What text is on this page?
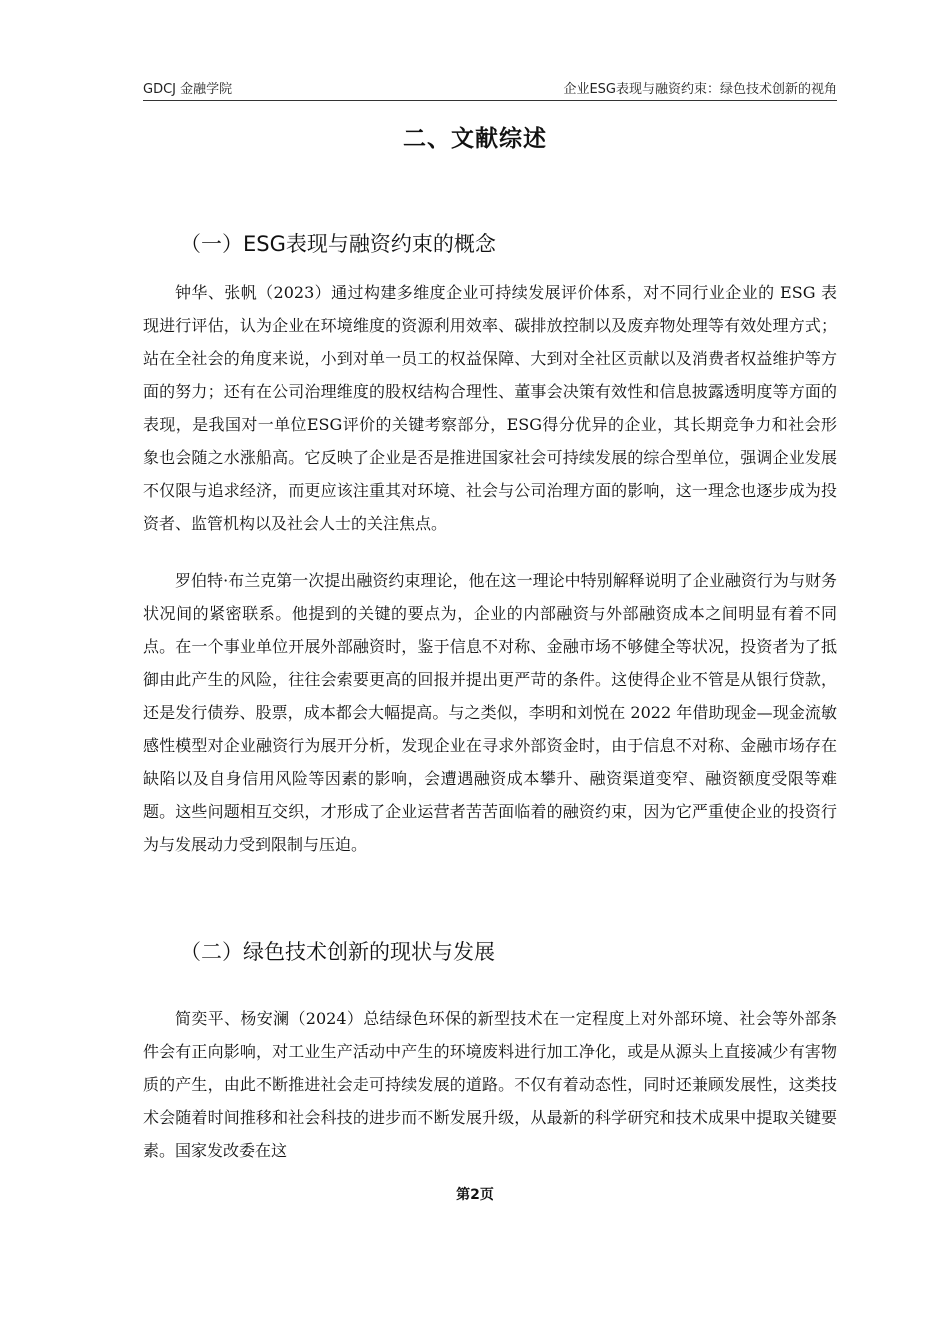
GDCJ 金融学院	企业ESG表现与融资约束：绿色技术创新的视角
二、文献综述
（一）ESG表现与融资约束的概念

钟华、张帆（2023）通过构建多维度企业可持续发展评价体系，对不同行业企业的 ESG 表现进行评估，认为企业在环境维度的资源利用效率、碳排放控制以及废弃物处理等有效处理方式；站在全社会的角度来说，小到对单一员工的权益保障、大到对全社区贡献以及消费者权益维护等方面的努力；还有在公司治理维度的股权结构合理性、董事会决策有效性和信息披露透明度等方面的表现，是我国对一单位ESG评价的关键考察部分，ESG得分优异的企业，其长期竞争力和社会形象也会随之水涨船高。它反映了企业是否是推进国家社会可持续发展的综合型单位，强调企业发展不仅限与追求经济，而更应该注重其对环境、社会与公司治理方面的影响，这一理念也逐步成为投资者、监管机构以及社会人士的关注焦点。

罗伯特·布兰克第一次提出融资约束理论，他在这一理论中特别解释说明了企业融资行为与财务状况间的紧密联系。他提到的关键的要点为，企业的内部融资与外部融资成本之间明显有着不同点。在一个事业单位开展外部融资时，鉴于信息不对称、金融市场不够健全等状况，投资者为了抵御由此产生的风险，往往会索要更高的回报并提出更严苛的条件。这使得企业不管是从银行贷款，还是发行债券、股票，成本都会大幅提高。与之类似，李明和刘悦在 2022 年借助现金—现金流敏感性模型对企业融资行为展开分析，发现企业在寻求外部资金时，由于信息不对称、金融市场存在缺陷以及自身信用风险等因素的影响，会遭遇融资成本攀升、融资渠道变窄、融资额度受限等难题。这些问题相互交织，才形成了企业运营者苦苦面临着的融资约束，因为它严重使企业的投资行为与发展动力受到限制与压迫。

（二）绿色技术创新的现状与发展

简奕平、杨安澜（2024）总结绿色环保的新型技术在一定程度上对外部环境、社会等外部条件会有正向影响，对工业生产活动中产生的环境废料进行加工净化，或是从源头上直接减少有害物质的产生，由此不断推进社会走可持续发展的道路。不仅有着动态性，同时还兼顾发展性，这类技术会随着时间推移和社会科技的进步而不断发展升级，从最新的科学研究和技术成果中提取关键要素。国家发改委在这

第2页
